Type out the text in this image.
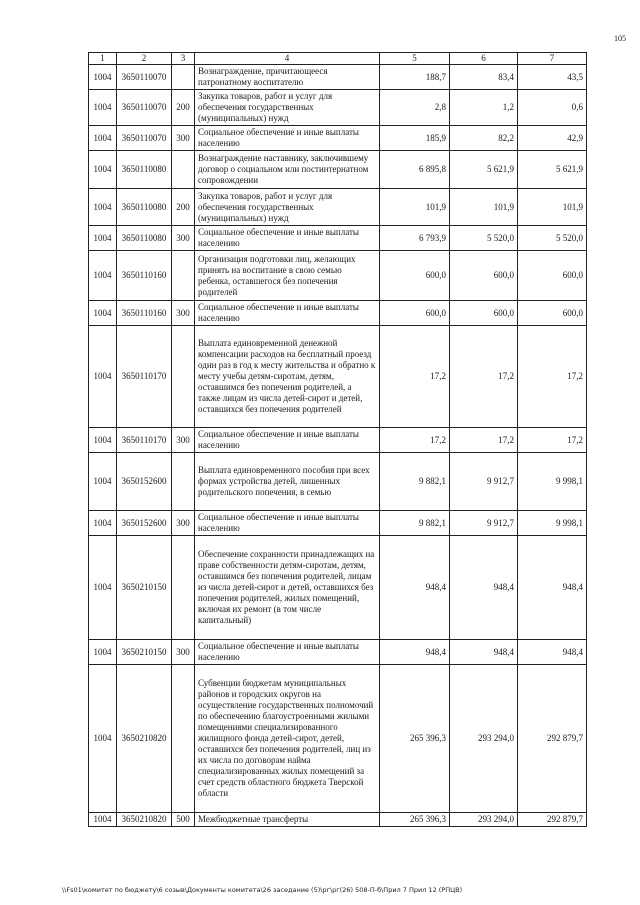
105
1	2	3	4	5	6	7
1004	3650110070		Вознаграждение, причитающееся патронатному воспитателю	188,7	83,4	43,5
1004	3650110070	200	Закупка товаров, работ и услуг для обеспечения государственных (муниципальных) нужд	2,8	1,2	0,6
1004	3650110070	300	Социальное обеспечение и иные выплаты населению	185,9	82,2	42,9
1004	3650110080		Вознаграждение наставнику, заключившему договор о социальном или постинтернатном сопровождении	6 895,8	5 621,9	5 621,9
1004	3650110080	200	Закупка товаров, работ и услуг для обеспечения государственных (муниципальных) нужд	101,9	101,9	101,9
1004	3650110080	300	Социальное обеспечение и иные выплаты населению	6 793,9	5 520,0	5 520,0
1004	3650110160		Организация подготовки лиц, желающих принять на воспитание в свою семью ребенка, оставшегося без попечения родителей	600,0	600,0	600,0
1004	3650110160	300	Социальное обеспечение и иные выплаты населению	600,0	600,0	600,0
1004	3650110170		Выплата единовременной денежной компенсации расходов на бесплатный проезд один раз в год к месту жительства и обратно к месту учебы детям-сиротам, детям, оставшимся без попечения родителей, а также лицам из числа детей-сирот и детей, оставшихся без попечения родителей	17,2	17,2	17,2
1004	3650110170	300	Социальное обеспечение и иные выплаты населению	17,2	17,2	17,2
1004	3650152600		Выплата единовременного пособия при всех формах устройства детей, лишенных родительского попечения, в семью	9 882,1	9 912,7	9 998,1
1004	3650152600	300	Социальное обеспечение и иные выплаты населению	9 882,1	9 912,7	9 998,1
1004	3650210150		Обеспечение сохранности принадлежащих на праве собственности детям-сиротам, детям, оставшимся без попечения родителей, лицам из числа детей-сирот и детей, оставшихся без попечения родителей, жилых помещений, включая их ремонт (в том числе капитальный)	948,4	948,4	948,4
1004	3650210150	300	Социальное обеспечение и иные выплаты населению	948,4	948,4	948,4
1004	3650210820		Субвенции бюджетам муниципальных районов и городских округов на осуществление государственных полномочий по обеспечению благоустроенными жилыми помещениями специализированного жилищного фонда детей-сирот, детей, оставшихся без попечения родителей, лиц из их числа по договорам найма специализированных жилых помещений за счет средств областного бюджета Тверской области	265 396,3	293 294,0	292 879,7
1004	3650210820	500	Межбюджетные трансферты	265 396,3	293 294,0	292 879,7
\\Fs01\комитет по бюджету\6 созыв\Документы комитета\26 заседание (5)\рг\рг(26) 508-П-б\Прил 7 Прил 12 (РПЦВ)
